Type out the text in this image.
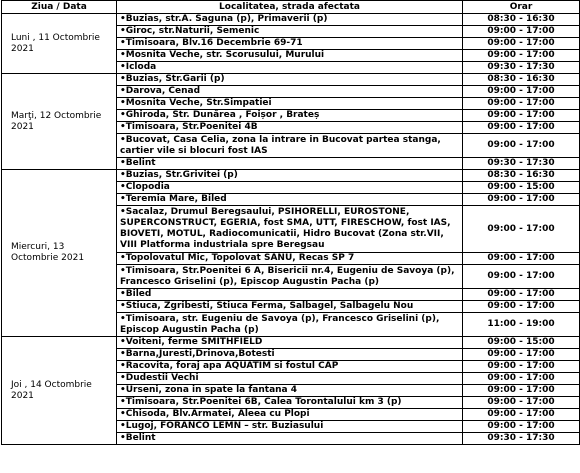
Ziua / Data	Localitatea, strada afectata	Orar
Luni , 11 Octombrie 2021	•Buzias, str.A. Saguna (p), Primaverii (p)	08:30 - 16:30
	•Giroc, str.Naturii, Semenic	09:00 - 17:00
	•Timisoara, Blv.16 Decembrie 69-71	09:00 - 17:00
	•Mosnita Veche, str. Scorusului, Murului	09:00 - 17:00
	•Icloda	09:30 - 17:30
Marţi, 12 Octombrie 2021	•Buzias, Str.Garii (p)	08:30 - 16:30
	•Darova, Cenad	09:00 - 17:00
	•Mosnita Veche, Str.Simpatiei	09:00 - 17:00
	•Ghiroda, Str. Dunărea , Foișor , Brateș	09:00 - 17:00
	•Timisoara, Str.Poenitei 4B	09:00 - 17:00
	•Bucovat, Casa Celia, zona la intrare in Bucovat partea stanga, cartier vile si blocuri fost IAS	09:00 - 17:00
	•Belint	09:30 - 17:30
Miercuri, 13 Octombrie 2021	•Buzias, Str.Grivitei (p)	08:30 - 16:30
	•Clopodia	09:00 - 15:00
	•Teremia Mare, Biled	09:00 - 17:00
	•Sacalaz, Drumul Beregsaului, PSIHORELLI, EUROSTONE, SUPERCONSTRUCT, EGERIA, fost SMA, UTT, FIRESCHOW, fost IAS, BIOVETI, MOTUL, Radiocomunicatii, Hidro Bucovat (Zona str.VII, VIII Platforma industriala spre Beregsau	09:00 - 17:00
	•Topolovatul Mic, Topolovat SANU, Recas SP 7	09:00 - 17:00
	•Timisoara, Str.Poenitei 6 A, Bisericii nr.4, Eugeniu de Savoya (p), Francesco Griselini (p), Episcop Augustin Pacha (p)	09:00 - 17:00
	•Biled	09:00 - 17:00
	•Stiuca, Zgribesti, Stiuca Ferma, Salbagel, Salbagelu Nou	09:00 - 17:00
	•Timisoara, str. Eugeniu de Savoya (p), Francesco Griselini (p), Episcop Augustin Pacha (p)	11:00 - 19:00
Joi , 14 Octombrie 2021	•Voiteni, ferme SMITHFIELD	09:00 - 15:00
	•Barna,Juresti,Drinova,Botesti	09:00 - 17:00
	•Racovita, foraj apa AQUATIM si fostul CAP	09:00 - 17:00
	•Dudestii Vechi	09:00 - 17:00
	•Urseni, zona in spate la fantana 4	09:00 - 17:00
	•Timisoara, Str.Poenitei 6B, Calea Torontalului km 3 (p)	09:00 - 17:00
	•Chisoda, Blv.Armatei, Aleea cu Plopi	09:00 - 17:00
	•Lugoj, FORANCO LEMN – str. Buziasului	09:00 - 17:00
	•Belint	09:30 - 17:30
